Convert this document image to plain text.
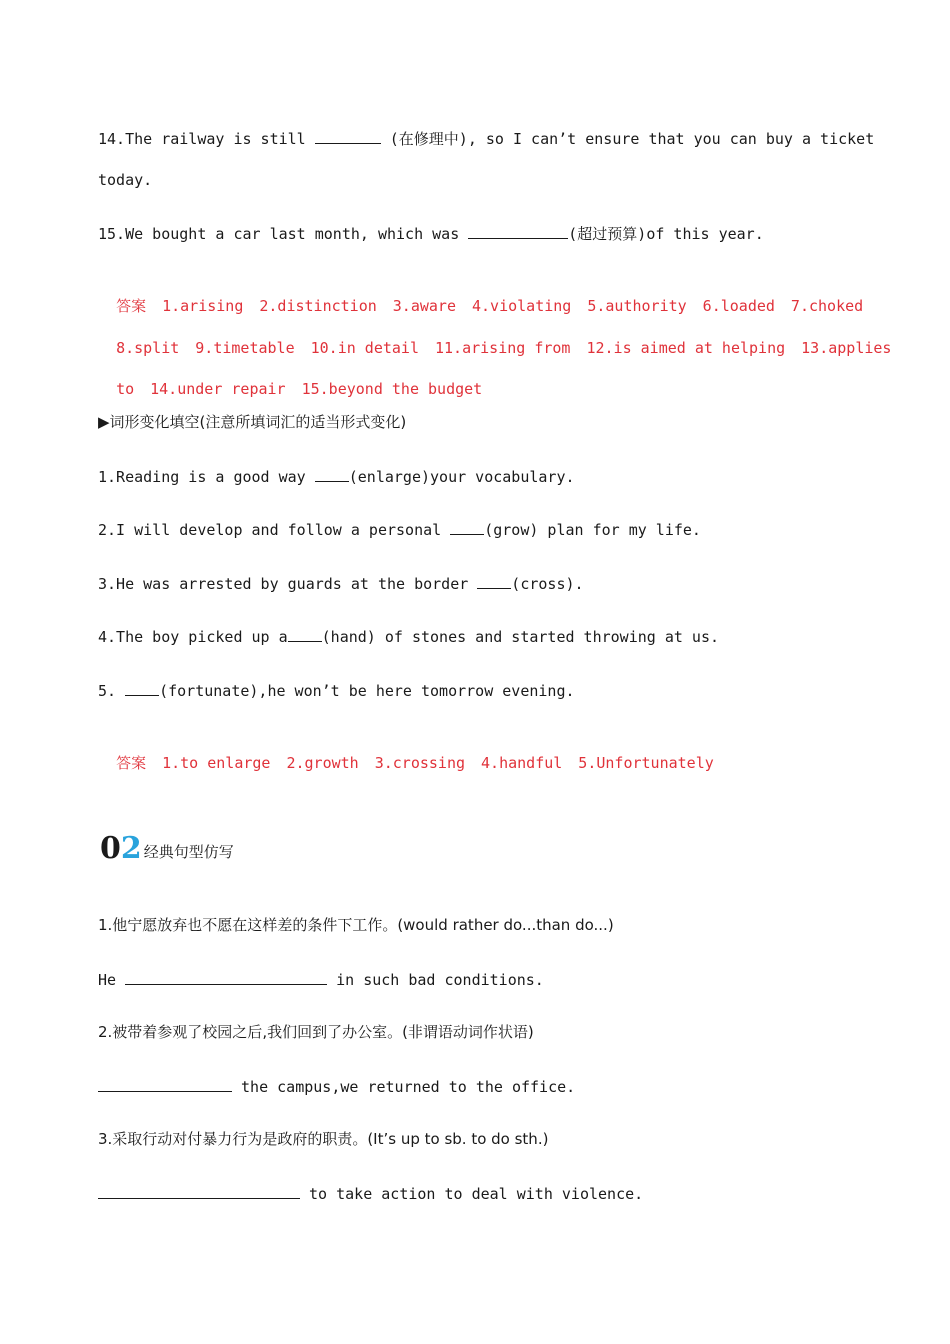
14.The railway is still	(在修理中), so I can’t ensure that you can buy a ticket
today.
15.We bought a car last month, which was	(超过预算)of this year.

答案 1.arising 2.distinction 3.aware 4.violating 5.authority 6.loaded 7.choked

8.split 9.timetable 10.in detail 11.arising from 12.is aimed at helping 13.applies

to 14.under repair 15.beyond the budget

▶词形变化填空(注意所填词汇的适当形式变化)
1.Reading is a good way (enlarge)your vocabulary.
2.I will develop and follow a personal (grow) plan for my life.
3.He was arrested by guards at the border (cross).
4.The boy picked up a (hand) of stones and started throwing at us.
5. (fortunate),he won’t be here tomorrow evening.

答案 1.to enlarge 2.growth 3.crossing 4.handful 5.Unfortunately

0 2 经典句型仿写
1.他宁愿放弃也不愿在这样差的条件下工作。(would rather do...than do...)
He	in such bad conditions.
2.被带着参观了校园之后,我们回到了办公室。(非谓语动词作状语)
the campus,we returned to the office.
3.采取行动对付暴力行为是政府的职责。(It’s up to sb. to do sth.)
to take action to deal with violence.
